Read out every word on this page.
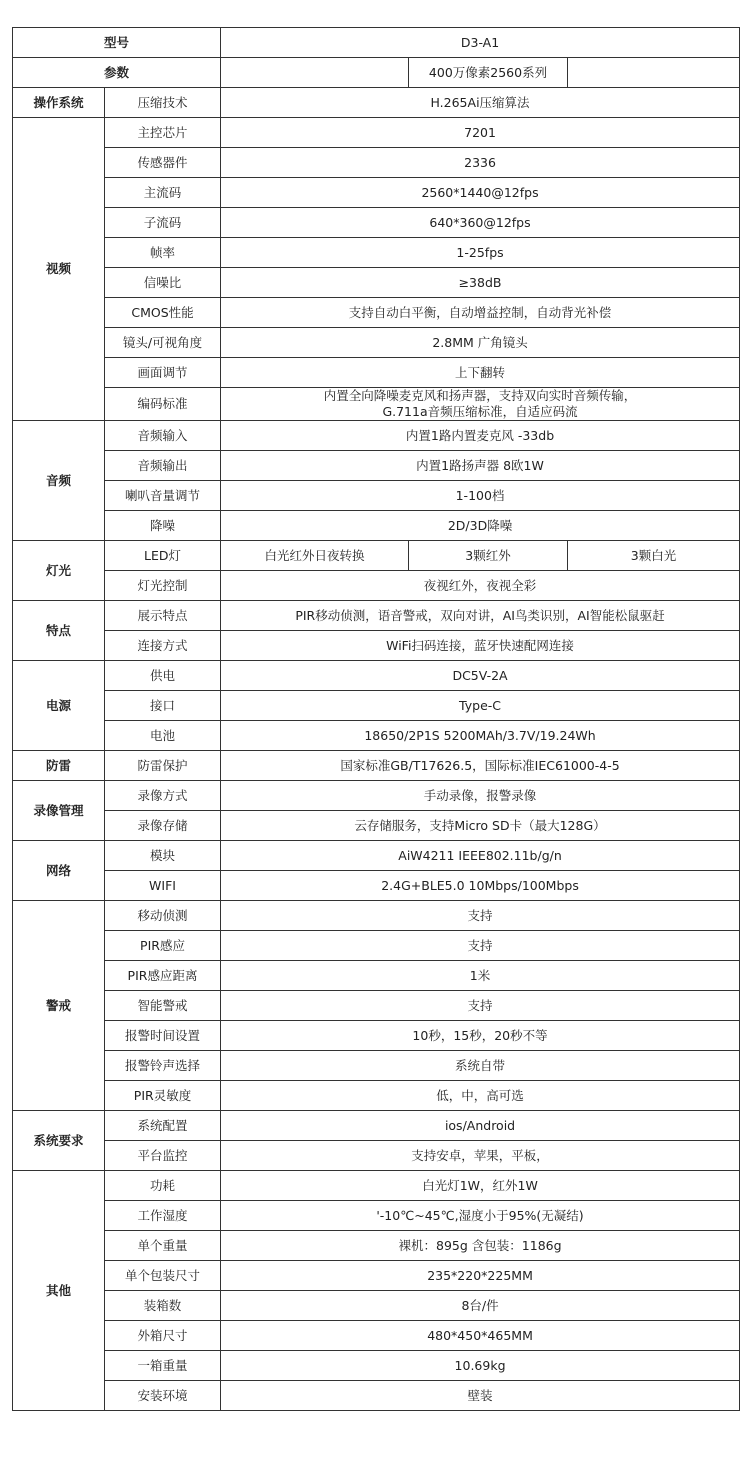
型号		D3-A1		
参数			400万像素2560系列	
操作系统	压缩技术	H.265Ai压缩算法		
视频	主控芯片	7201		
	传感器件	2336		
	主流码	2560*1440@12fps		
	子流码	640*360@12fps		
	帧率	1-25fps		
	信噪比	≥38dB		
	CMOS性能	支持自动白平衡，自动增益控制，自动背光补偿		
	镜头/可视角度	2.8MM 广角镜头		
	画面调节	上下翻转		
	编码标准	内置全向降噪麦克风和扬声器，支持双向实时音频传输，
G.711a音频压缩标准，自适应码流		

音频	音频输入	内置1路内置麦克风 -33db		
	音频输出	内置1路扬声器 8欧1W		
	喇叭音量调节	1-100档		
	降噪	2D/3D降噪		
灯光	LED灯	白光红外日夜转换	3颗红外	3颗白光
	灯光控制	夜视红外，夜视全彩		
特点	展示特点	PIR移动侦测，语音警戒，双向对讲，AI鸟类识别，AI智能松鼠驱赶		
	连接方式	WiFi扫码连接，蓝牙快速配网连接		
电源	供电	DC5V-2A		
	接口	Type-C		
	电池	18650/2P1S 5200MAh/3.7V/19.24Wh		
防雷	防雷保护	国家标准GB/T17626.5，国际标准IEC61000-4-5		
录像管理	录像方式	手动录像，报警录像		
	录像存储	云存储服务，支持Micro SD卡（最大128G）		
网络	模块	AiW4211 IEEE802.11b/g/n		
	WIFI	2.4G+BLE5.0 10Mbps/100Mbps		
警戒	移动侦测	支持		
	PIR感应	支持		
	PIR感应距离	1米		
	智能警戒	支持		
	报警时间设置	10秒，15秒，20秒不等		
	报警铃声选择	系统自带		
	PIR灵敏度	低，中，高可选		
系统要求	系统配置	ios/Android		
	平台监控	支持安卓，苹果，平板，		
其他	功耗	白光灯1W，红外1W		
	工作湿度	'-10℃~45℃,湿度小于95%(无凝结)		
	单个重量	裸机：895g 含包装：1186g		
	单个包装尺寸	235*220*225MM		
	装箱数	8台/件		
	外箱尺寸	480*450*465MM		
	一箱重量	10.69kg		
	安装环境	壁装		
